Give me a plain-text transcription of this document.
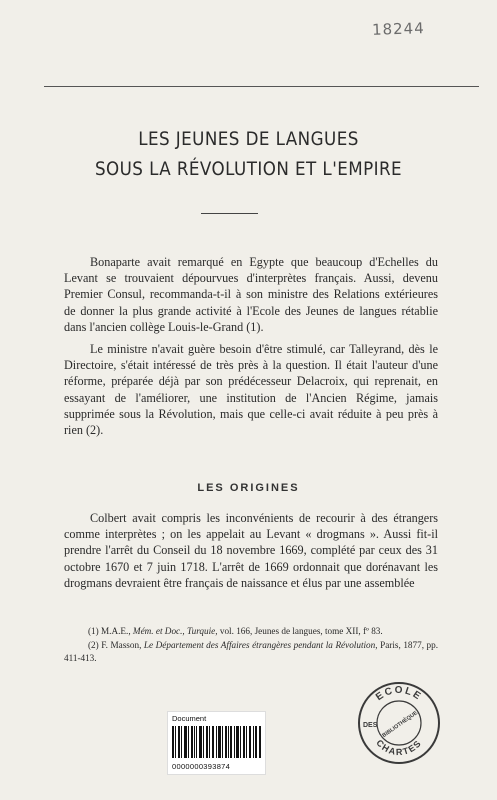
18244
LES JEUNES DE LANGUES
SOUS LA RÉVOLUTION ET L'EMPIRE

Bonaparte avait remarqué en Egypte que beaucoup d'Echelles du Levant se trouvaient dépourvues d'interprètes français. Aussi, devenu Premier Consul, recommanda-t-il à son ministre des Relations extérieures de donner la plus grande activité à l'Ecole des Jeunes de langues rétablie dans l'ancien collège Louis-le-Grand (1).

Le ministre n'avait guère besoin d'être stimulé, car Talleyrand, dès le Directoire, s'était intéressé de très près à la question. Il était l'auteur d'une réforme, préparée déjà par son prédécesseur Delacroix, qui reprenait, en essayant de l'améliorer, une institution de l'Ancien Régime, jamais supprimée sous la Révolution, mais que celle-ci avait réduite à peu près à rien (2).

LES ORIGINES

Colbert avait compris les inconvénients de recourir à des étrangers comme interprètes ; on les appelait au Levant « drogmans ». Aussi fit-il prendre l'arrêt du Conseil du 18 novembre 1669, complété par ceux des 31 octobre 1670 et 7 juin 1718. L'arrêt de 1669 ordonnait que dorénavant les drogmans devraient être français de naissance et élus par une assemblée

(1) M.A.E., Mém. et Doc., Turquie, vol. 166, Jeunes de langues, tome XII, fº 83.

(2) F. Masson, Le Département des Affaires étrangères pendant la Révolution, Paris, 1877, pp. 411-413.

Document
0000000393874
ECOLE
CHARTES
DES BIBLIOTHÈQUE
